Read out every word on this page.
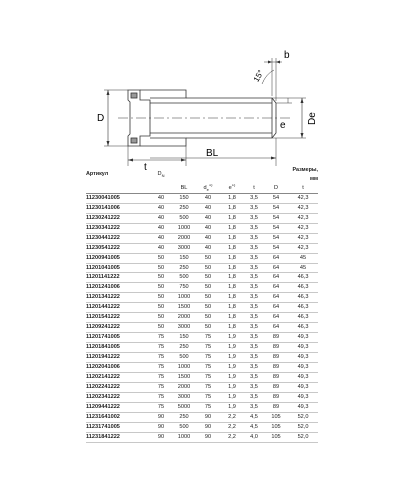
b
15°
D
e
De
t
BL
Артикул	$D_N$					Размеры,
мм	
		BL	$d_e^{1)}$	$e^{1)}$	t	D	t
11230041005	40	150	40	1,8	3,5	54	42,3
11230141006	40	250	40	1,8	3,5	54	42,3
11230241222	40	500	40	1,8	3,5	54	42,3
11230341222	40	1000	40	1,8	3,5	54	42,3
11230441222	40	2000	40	1,8	3,5	54	42,3
11230541222	40	3000	40	1,8	3,5	54	42,3
11200941005	50	150	50	1,8	3,5	64	45
11201041005	50	250	50	1,8	3,5	64	45
11201141222	50	500	50	1,8	3,5	64	46,3
11201241006	50	750	50	1,8	3,5	64	46,3
11201341222	50	1000	50	1,8	3,5	64	46,3
11201441222	50	1500	50	1,8	3,5	64	46,3
11201541222	50	2000	50	1,8	3,5	64	46,3
11209241222	50	3000	50	1,8	3,5	64	46,3
11201741005	75	150	75	1,9	3,5	89	49,3
11201841005	75	250	75	1,9	3,5	89	49,3
11201941222	75	500	75	1,9	3,5	89	49,3
11202041006	75	1000	75	1,9	3,5	89	49,3
11202141222	75	1500	75	1,9	3,5	89	49,3
11202241222	75	2000	75	1,9	3,5	89	49,3
11202341222	75	3000	75	1,9	3,5	89	49,3
11209441222	75	5000	75	1,9	3,5	89	49,3
11231641002	90	250	90	2,2	4,5	105	52,0
11231741005	90	500	90	2,2	4,5	105	52,0
11231841222	90	1000	90	2,2	4,0	105	52,0
